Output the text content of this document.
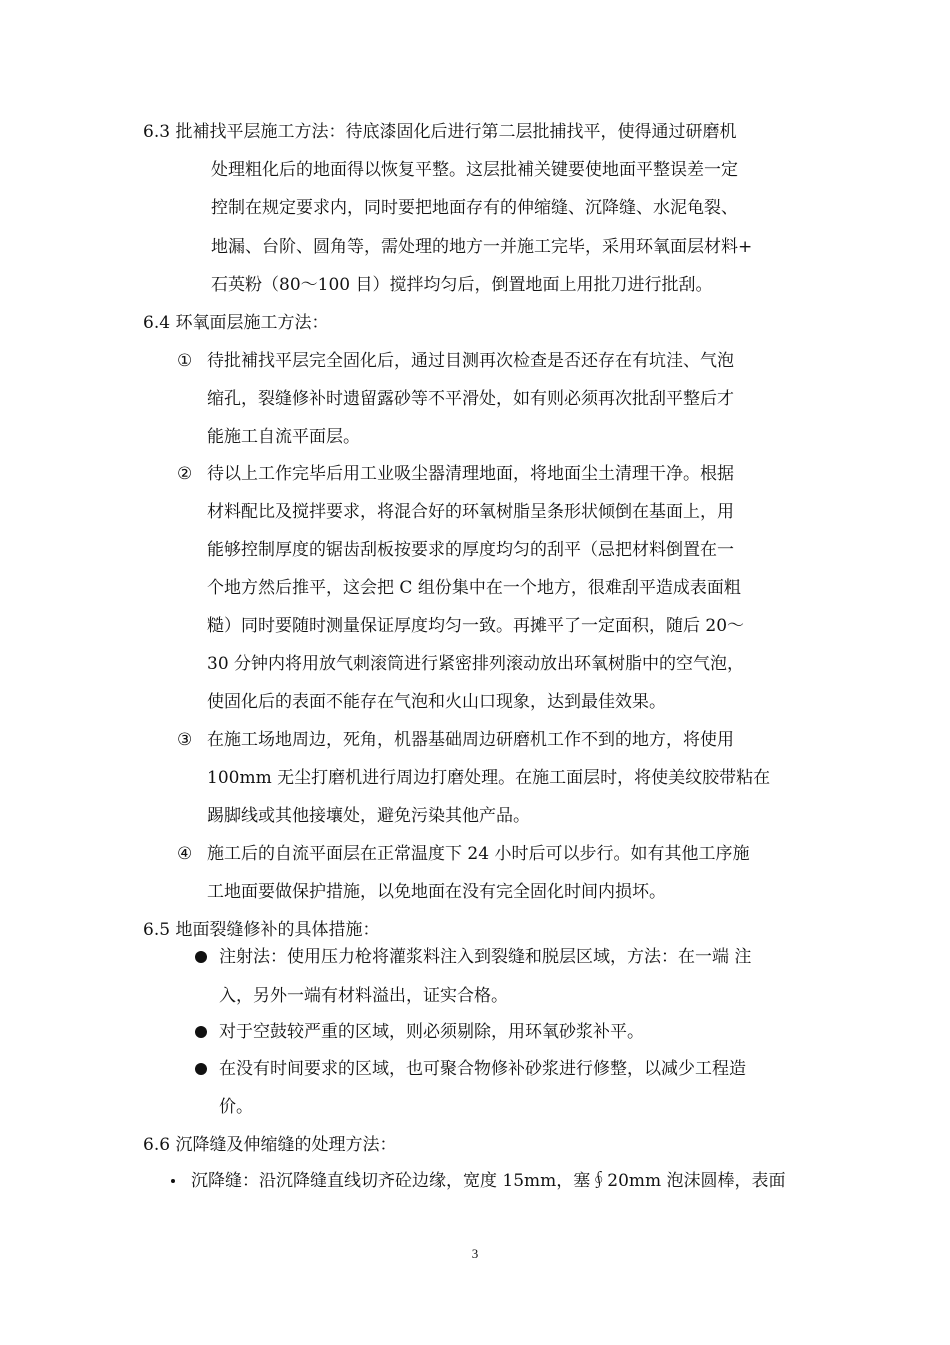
6.3 批補找平层施工方法：待底漆固化后进行第二层批捕找平，使得通过研磨机
处理粗化后的地面得以恢复平整。这层批補关键要使地面平整误差一定
控制在规定要求内，同时要把地面存有的伸缩缝、沉降缝、水泥龟裂、
地漏、台阶、圆角等，需处理的地方一并施工完毕，采用环氧面层材料+
石英粉（80～100 目）搅拌均匀后，倒置地面上用批刀进行批刮。
6.4 环氧面层施工方法：
① 待批補找平层完全固化后，通过目测再次检查是否还存在有坑洼、气泡
缩孔，裂缝修补时遗留露砂等不平滑处，如有则必须再次批刮平整后才
能施工自流平面层。
② 待以上工作完毕后用工业吸尘器清理地面，将地面尘土清理干净。根据
材料配比及搅拌要求，将混合好的环氧树脂呈条形状倾倒在基面上，用
能够控制厚度的锯齿刮板按要求的厚度均匀的刮平（忌把材料倒置在一
个地方然后推平，这会把 C 组份集中在一个地方，很难刮平造成表面粗
糙）同时要随时测量保证厚度均匀一致。再摊平了一定面积，随后 20～
30 分钟内将用放气刺滚筒进行紧密排列滚动放出环氧树脂中的空气泡，
使固化后的表面不能存在气泡和火山口现象，达到最佳效果。
③ 在施工场地周边，死角，机器基础周边研磨机工作不到的地方，将使用
100mm 无尘打磨机进行周边打磨处理。在施工面层时，将使美纹胶带粘在
踢脚线或其他接壤处，避免污染其他产品。
④ 施工后的自流平面层在正常温度下 24 小时后可以步行。如有其他工序施
工地面要做保护措施，以免地面在没有完全固化时间内损坏。
6.5 地面裂缝修补的具体措施：
注射法：使用压力枪将灌浆料注入到裂缝和脱层区域，方法：在一端 注
入，另外一端有材料溢出，证实合格。
对于空鼓较严重的区域，则必须剔除，用环氧砂浆补平。
在没有时间要求的区域，也可聚合物修补砂浆进行修整，以减少工程造
价。
6.6 沉降缝及伸缩缝的处理方法：
沉降缝：沿沉降缝直线切齐砼边缘，宽度 15mm，塞∮20mm 泡沫圆棒，表面
3
